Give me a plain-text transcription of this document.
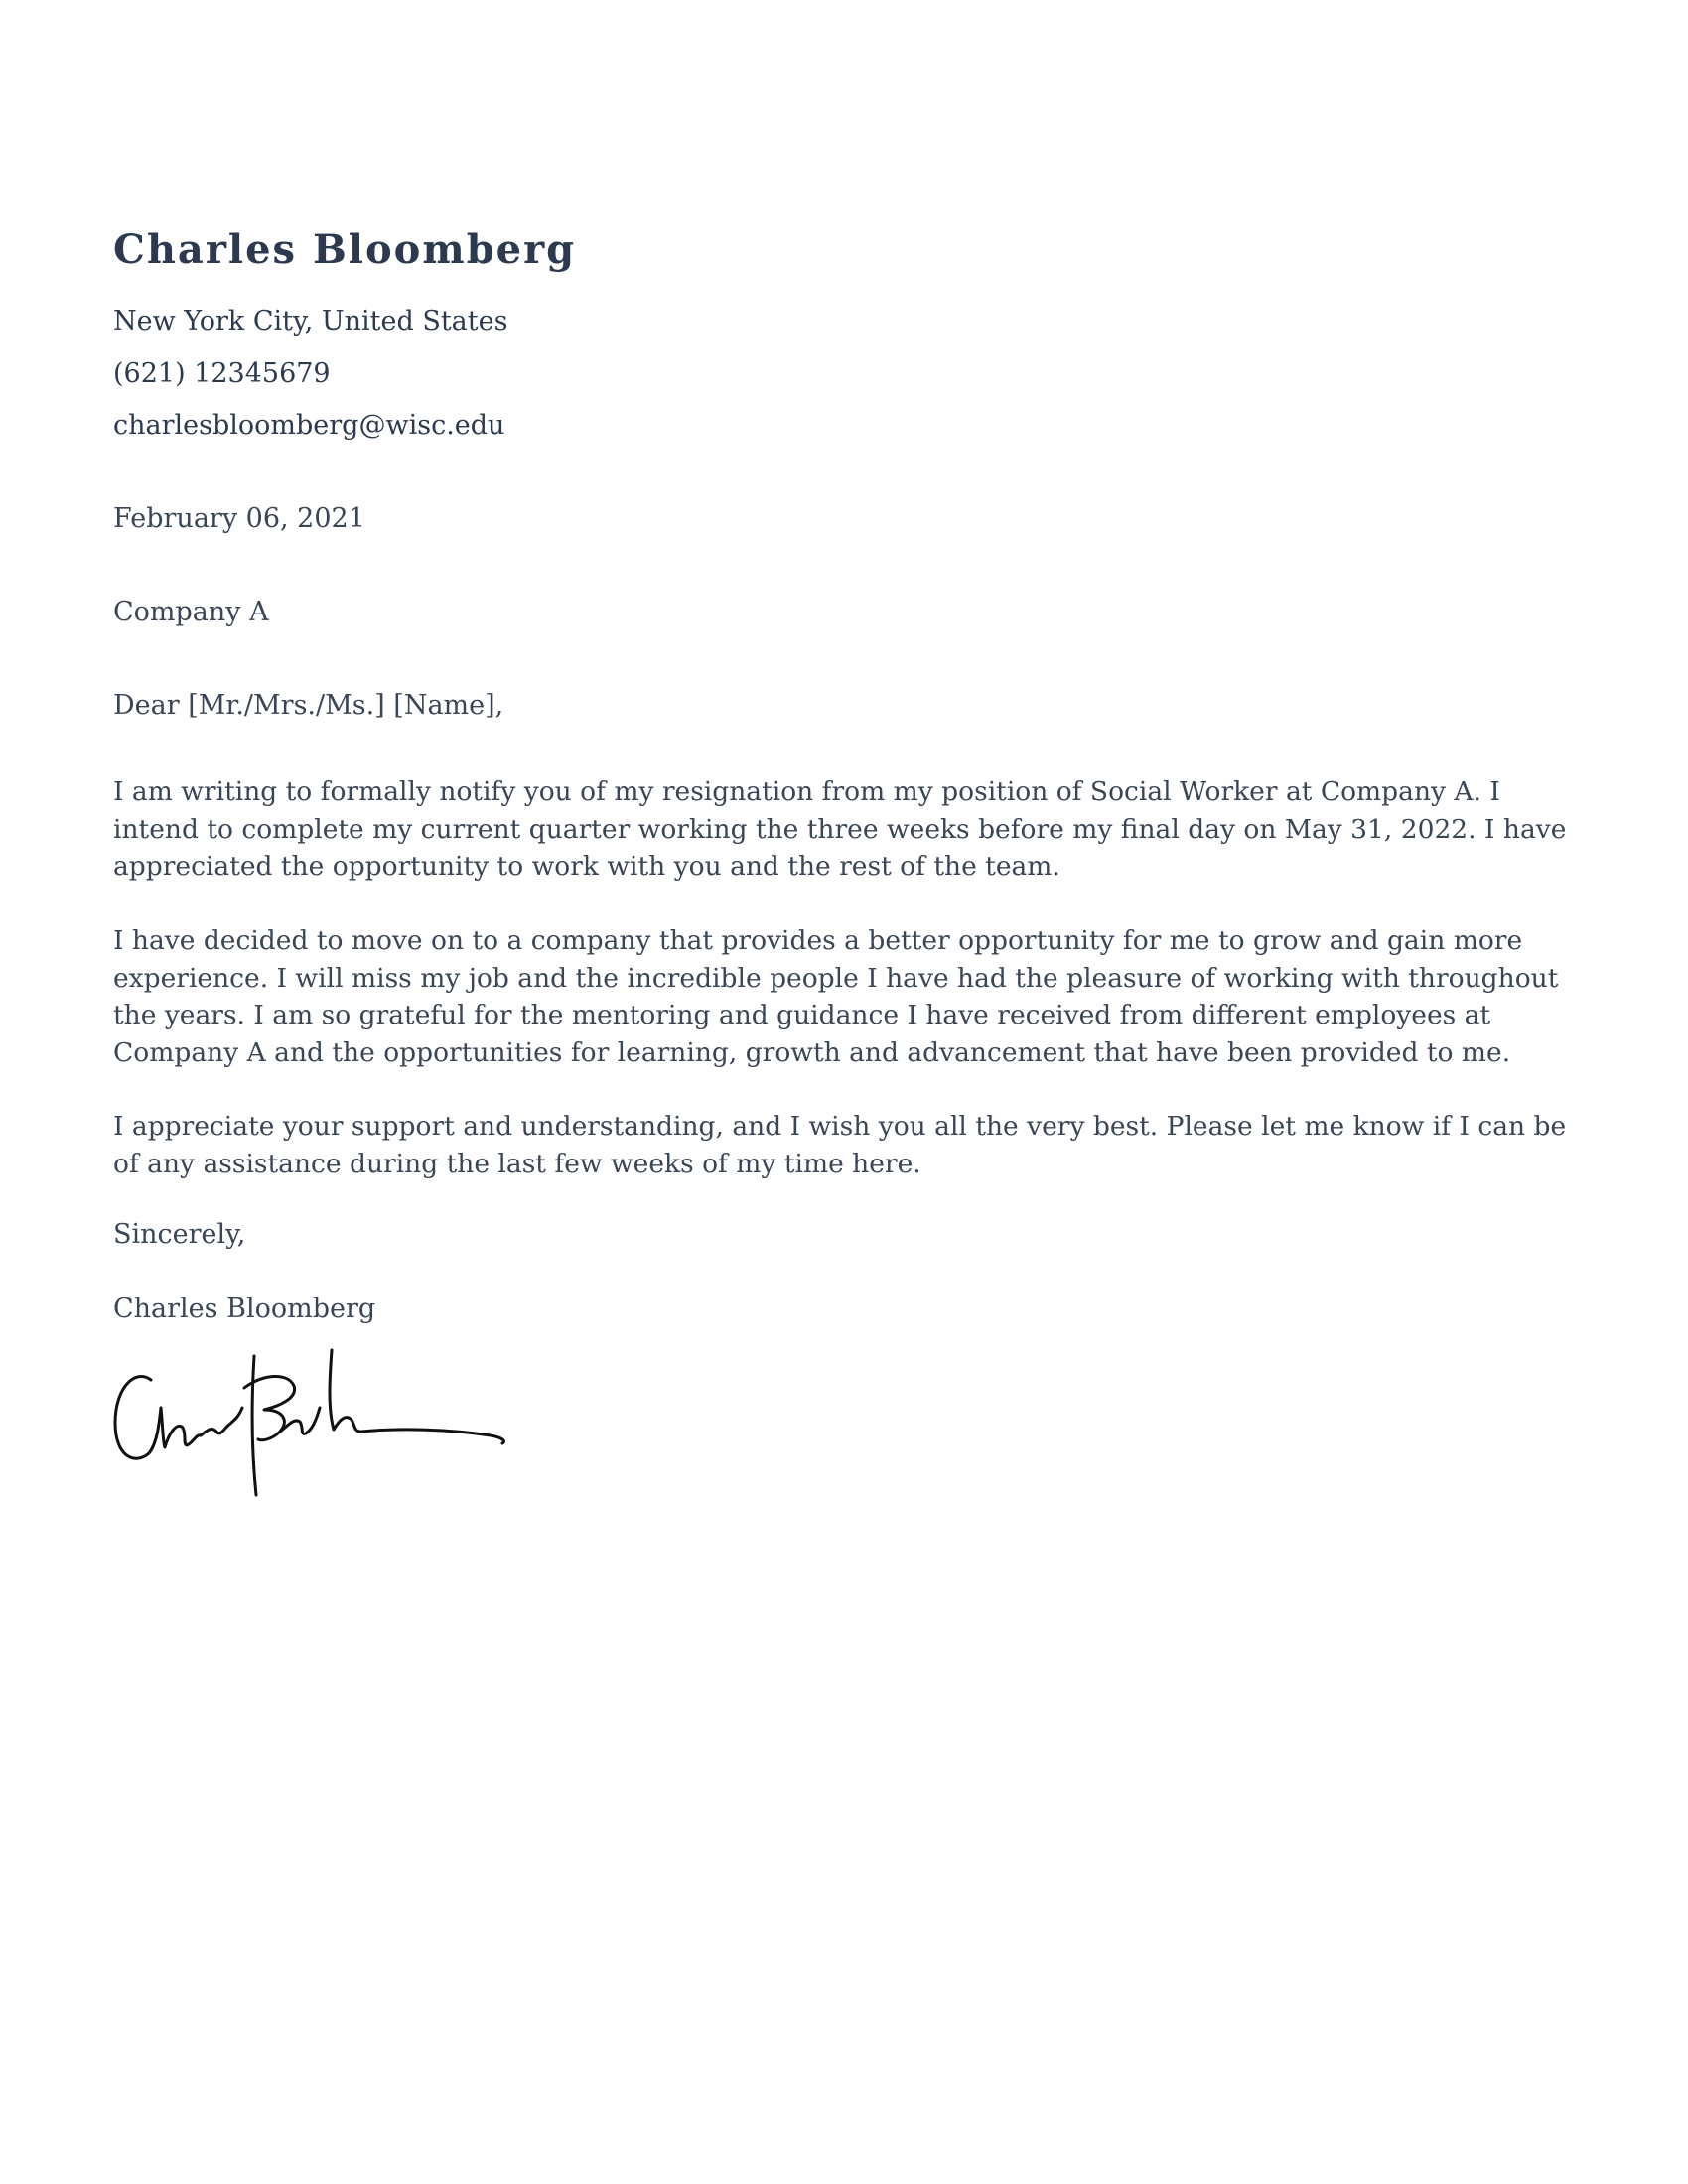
Charles Bloomberg

New York City, United States

(621) 12345679

charlesbloomberg@wisc.edu

February 06, 2021

Company A

Dear [Mr./Mrs./Ms.] [Name],

I am writing to formally notify you of my resignation from my position of Social Worker at Company A. I intend to complete my current quarter working the three weeks before my final day on May 31, 2022. I have appreciated the opportunity to work with you and the rest of the team.

I have decided to move on to a company that provides a better opportunity for me to grow and gain more experience. I will miss my job and the incredible people I have had the pleasure of working with throughout the years. I am so grateful for the mentoring and guidance I have received from different employees at Company A and the opportunities for learning, growth and advancement that have been provided to me.

I appreciate your support and understanding, and I wish you all the very best. Please let me know if I can be of any assistance during the last few weeks of my time here.

Sincerely,

Charles Bloomberg
